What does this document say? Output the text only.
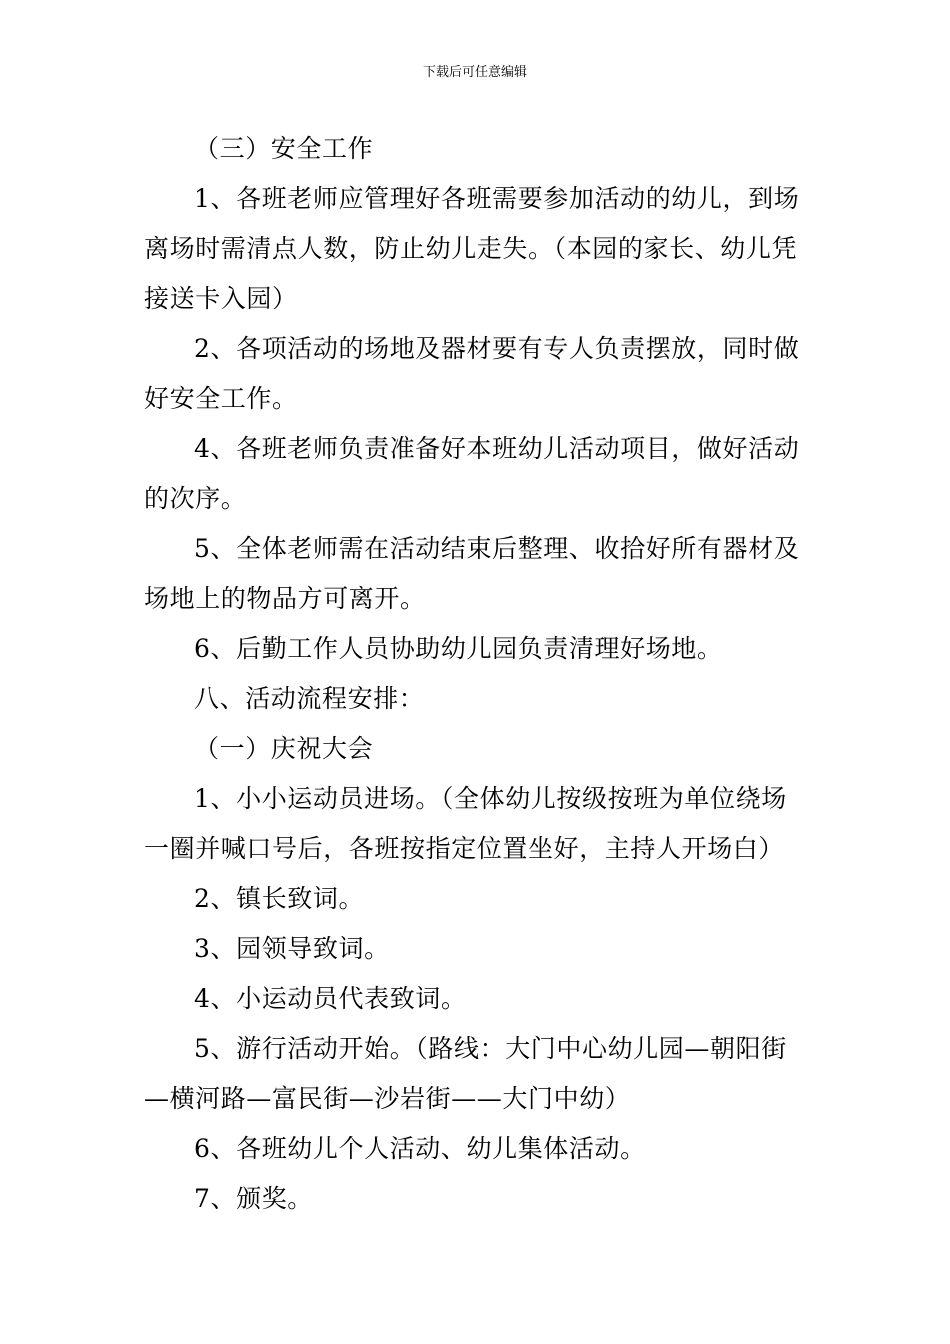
下载后可任意编辑

（三）安全工作

1、各班老师应管理好各班需要参加活动的幼儿，到场离场时需清点人数，防止幼儿走失。（本园的家长、幼儿凭接送卡入园）

2、各项活动的场地及器材要有专人负责摆放，同时做好安全工作。

4、各班老师负责准备好本班幼儿活动项目，做好活动的次序。

5、全体老师需在活动结束后整理、收拾好所有器材及场地上的物品方可离开。

6、后勤工作人员协助幼儿园负责清理好场地。

八、活动流程安排：

（一）庆祝大会

1、小小运动员进场。（全体幼儿按级按班为单位绕场一圈并喊口号后，各班按指定位置坐好，主持人开场白）

2、镇长致词。

3、园领导致词。

4、小运动员代表致词。

5、游行活动开始。（路线：大门中心幼儿园—朝阳街—横河路—富民街—沙岩街——大门中幼）

6、各班幼儿个人活动、幼儿集体活动。

7、颁奖。
